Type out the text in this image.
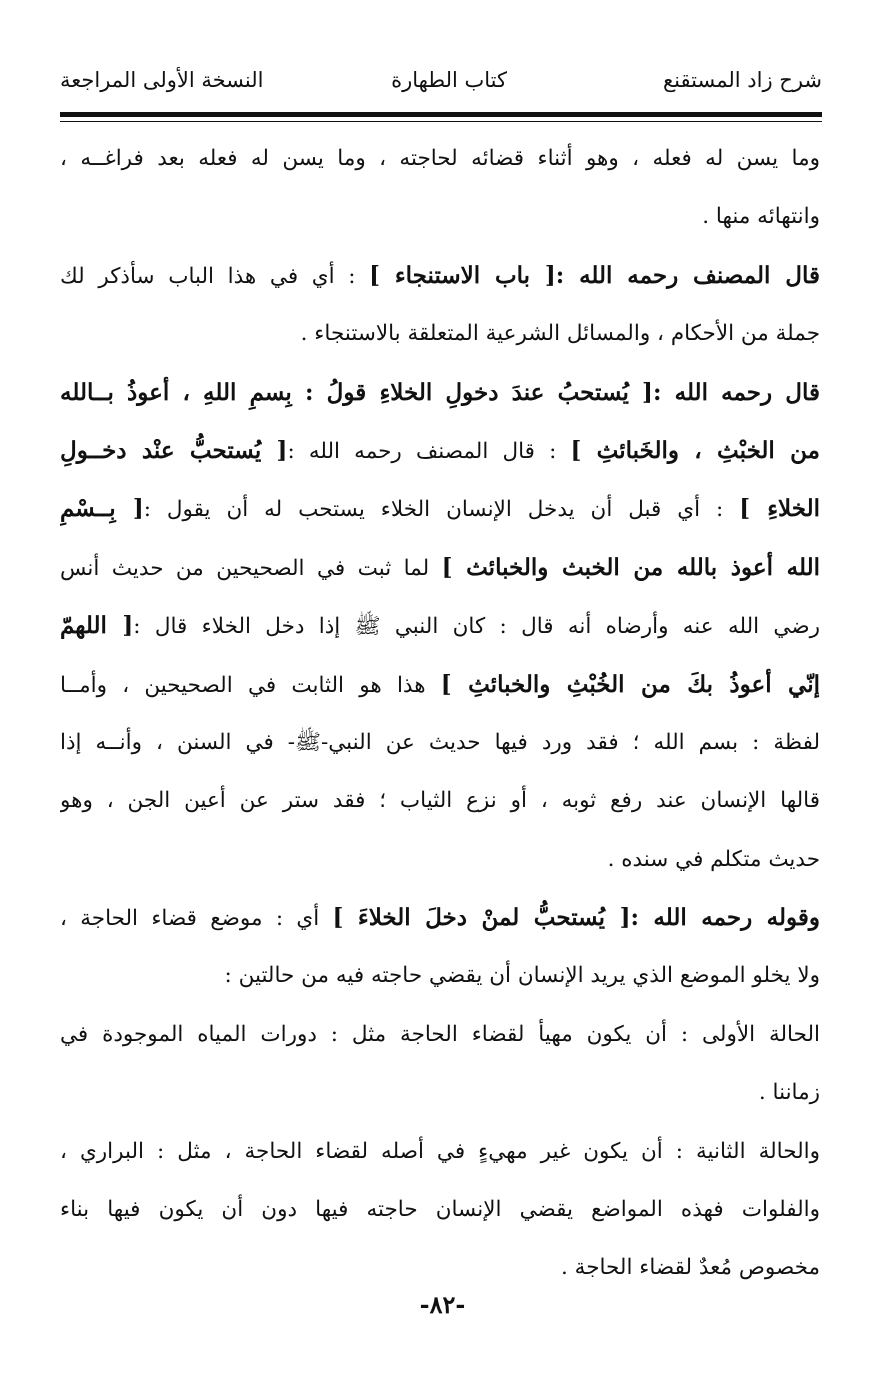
شرح زاد المستقنع
كتاب الطهارة
النسخة الأولى المراجعة
وما يسن له فعله ، وهو أثناء قضائه لحاجته ، وما يسن له فعله بعد فراغــه ،
وانتهائه منها .
قال المصنف رحمه الله :[ باب الاستنجاء ] : أي في هذا الباب سأذكر لك
جملة من الأحكام ، والمسائل الشرعية المتعلقة بالاستنجاء .
قال رحمه الله :[ يُستحبُ عندَ دخولِ الخلاءِ قولُ : بِسمِ اللهِ ، أعوذُ بــالله
من الخبْثِ ، والخَبائثِ ] : قال المصنف رحمه الله :[ يُستحبُّ عنْد دخــولِ
الخلاءِ ] : أي قبل أن يدخل الإنسان الخلاء يستحب له أن يقول :[ بِــسْمِ
الله أعوذ بالله من الخبث والخبائث ] لما ثبت في الصحيحين من حديث أنس
رضي الله عنه وأرضاه أنه قال : كان النبي ﷺ إذا دخل الخلاء قال :[ اللهمّ
إنّي أعوذُ بكَ من الخُبْثِ والخبائثِ ] هذا هو الثابت في الصحيحين ، وأمــا
لفظة : بسم الله ؛ فقد ورد فيها حديث عن النبي-ﷺ- في السنن ، وأنــه إذا
قالها الإنسان عند رفع ثوبه ، أو نزع الثياب ؛ فقد ستر عن أعين الجن ، وهو
حديث متكلم في سنده .
وقوله رحمه الله :[ يُستحبُّ لمنْ دخلَ الخلاءَ ] أي : موضع قضاء الحاجة ،
ولا يخلو الموضع الذي يريد الإنسان أن يقضي حاجته فيه من حالتين :
الحالة الأولى : أن يكون مهيأ لقضاء الحاجة مثل : دورات المياه الموجودة في
زماننا .
والحالة الثانية : أن يكون غير مهيءٍ في أصله لقضاء الحاجة ، مثل : البراري ،
والفلوات فهذه المواضع يقضي الإنسان حاجته فيها دون أن يكون فيها بناء
مخصوص مُعدٌ لقضاء الحاجة .
-٨٢-
